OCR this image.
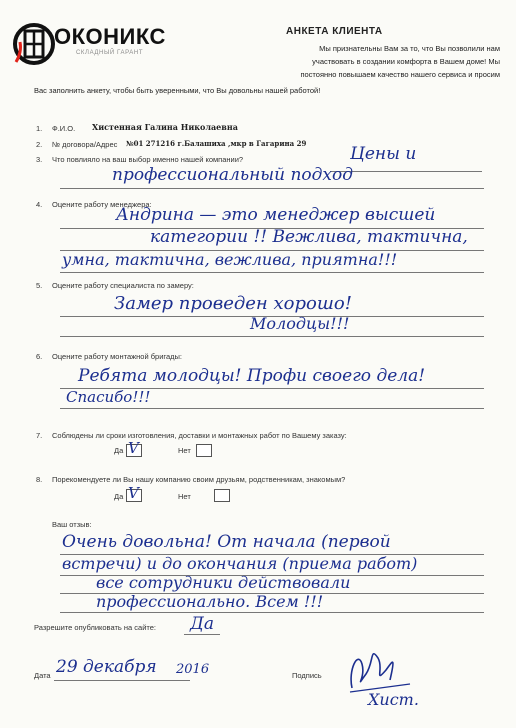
ОКОНИКС
СКЛАДНЫЙ ГАРАНТ
АНКЕТА КЛИЕНТА
Мы признательны Вам за то, что Вы позволили нам
участвовать в создании комфорта в Вашем доме! Мы
постоянно повышаем качество нашего сервиса и просим
Вас заполнить анкету, чтобы быть уверенными, что Вы довольны нашей работой!
1. Ф.И.О. Хистенная Галина Николаевна
2. № договора/Адрес №01 271216 г.Балашиха ,мкр в Гагарина 29
3. Что повлияло на ваш выбор именно нашей компании?	Цены и
профессиональный подход
4. Оцените работу менеджера:
Андрина — это менеджер высшей
категории !! Вежлива, тактична,
умна, тактична, вежлива, приятна!!!
5. Оцените работу специалиста по замеру:
Замер проведен хорошо!
Молодцы!!!
6. Оцените работу монтажной бригады:
Ребята молодцы! Профи своего дела!
Спасибо!!!
7. Соблюдены ли сроки изготовления, доставки и монтажных работ по Вашему заказу:
Да V	Нет
8. Порекомендуете ли Вы нашу компанию своим друзьям, родственникам, знакомым?
Да V	Нет
Ваш отзыв:
Очень довольна! От начала (первой
встречи) и до окончания (приема работ)
все сотрудники действовали
профессионально. Всем !!!
Разрешите опубликовать на сайте: Да
Дата 29 декабря 2016	Подпись
Хист.
